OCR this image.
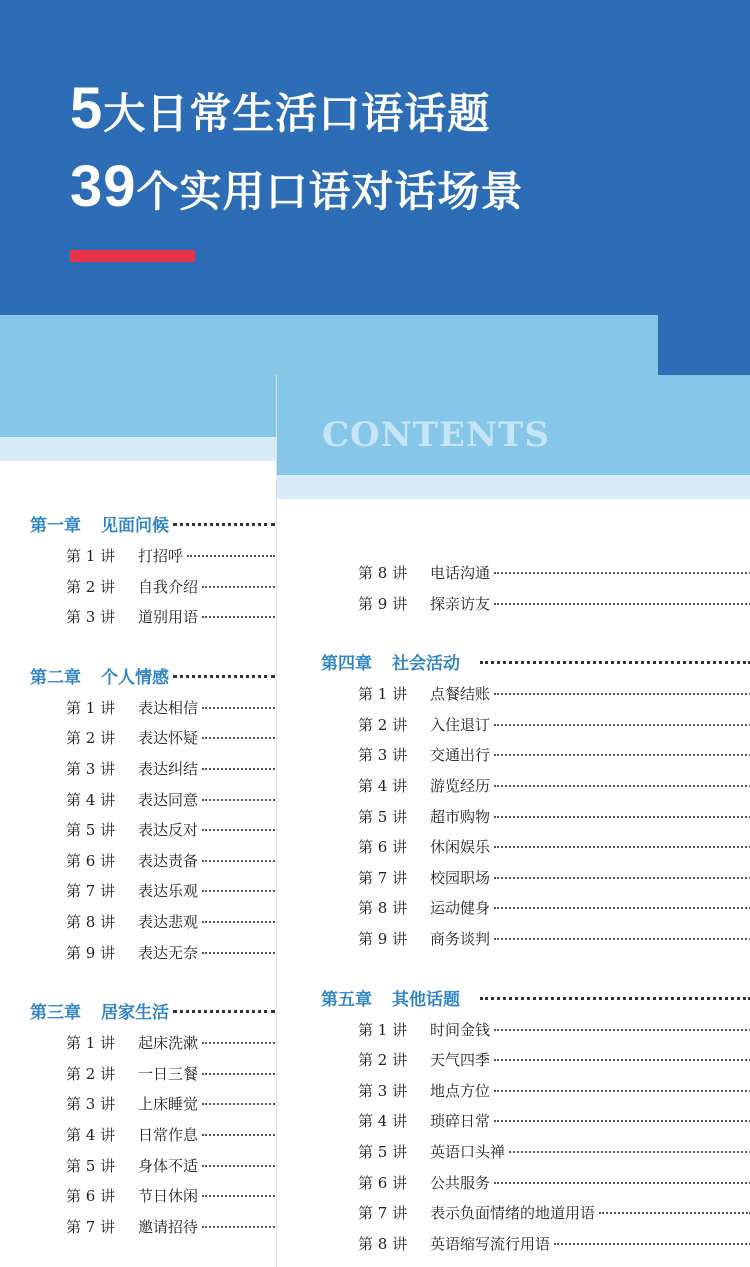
5大日常生活口语话题
39个实用口语对话场景
第一章 见面问候
第 1 讲	打招呼
第 2 讲	自我介绍
第 3 讲	道别用语
第二章 个人情感
第 1 讲	表达相信
第 2 讲	表达怀疑
第 3 讲	表达纠结
第 4 讲	表达同意
第 5 讲	表达反对
第 6 讲	表达责备
第 7 讲	表达乐观
第 8 讲	表达悲观
第 9 讲	表达无奈
第三章 居家生活
第 1 讲	起床洗漱
第 2 讲	一日三餐
第 3 讲	上床睡觉
第 4 讲	日常作息
第 5 讲	身体不适
第 6 讲	节日休闲
第 7 讲	邀请招待
CONTENTS
第 8 讲	电话沟通
第 9 讲	探亲访友
第四章 社会活动
第 1 讲	点餐结账
第 2 讲	入住退订
第 3 讲	交通出行
第 4 讲	游览经历
第 5 讲	超市购物
第 6 讲	休闲娱乐
第 7 讲	校园职场
第 8 讲	运动健身
第 9 讲	商务谈判
第五章 其他话题
第 1 讲	时间金钱
第 2 讲	天气四季
第 3 讲	地点方位
第 4 讲	琐碎日常
第 5 讲	英语口头禅
第 6 讲	公共服务
第 7 讲	表示负面情绪的地道用语
第 8 讲	英语缩写流行用语
